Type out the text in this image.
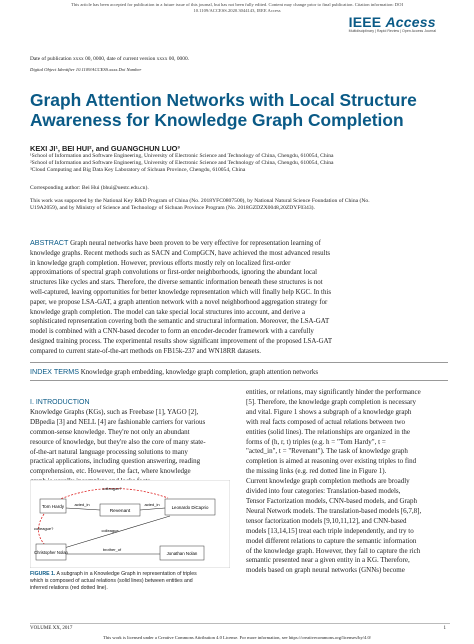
This article has been accepted for publication in a future issue of this journal, but has not been fully edited. Content may change prior to final publication. Citation information: DOI
10.1109/ACCESS.2020.3044143, IEEE Access
IEEE Access
Multidisciplinary | Rapid Review | Open Access Journal
Date of publication xxxx 00, 0000, date of current version xxxx 00, 0000.
Digital Object Identifier 10.1109/ACCESS.xxxx.Doi Number
Graph Attention Networks with Local Structure Awareness for Knowledge Graph Completion
KEXI JI¹, BEI HUI², and GUANGCHUN LUO³
¹School of Information and Software Engineering, University of Electronic Science and Technology of China, Chengdu, 610054, China
²School of Information and Software Engineering, University of Electronic Science and Technology of China, Chengdu, 610054, China
³Cloud Computing and Big Data Key Laboratory of Sichuan Province, Chengdu, 610054, China
Corresponding author: Bei Hui (bhui@uestc.edu.cn).
This work was supported by the National Key R&D Program of China (No. 2018YFC0807500), by National Natural Science Foundation of China (No.
U19A2059), and by Ministry of Science and Technology of Sichuan Province Program (No. 2018GZDZX0048,20ZDYF0343).
ABSTRACT Graph neural networks have been proven to be very effective for representation learning of
knowledge graphs. Recent methods such as SACN and CompGCN, have achieved the most advanced results
in knowledge graph completion. However, previous efforts mostly rely on localized first-order
approximations of spectral graph convolutions or first-order neighborhoods, ignoring the abundant local
structures like cycles and stars. Therefore, the diverse semantic information beneath these structures is not
well-captured, leaving opportunities for better knowledge representation which will finally help KGC. In this
paper, we propose LSA-GAT, a graph attention network with a novel neighborhood aggregation strategy for
knowledge graph completion. The model can take special local structures into account, and derive a
sophisticated representation covering both the semantic and structural information. Moreover, the LSA-GAT
model is combined with a CNN-based decoder to form an encoder-decoder framework with a carefully
designed training process. The experimental results show significant improvement of the proposed LSA-GAT
compared to current state-of-the-art methods on FB15k-237 and WN18RR datasets.
INDEX TERMS Knowledge graph embedding, knowledge graph completion, graph attention networks
I. INTRODUCTION
Knowledge Graphs (KGs), such as Freebase [1], YAGO [2],
DBpedia [3] and NELL [4] are fashionable carriers for various
common-sense knowledge. They're not only an abundant
resource of knowledge, but they're also the core of many state-
of-the-art natural language processing solutions to many
practical applications, including question answering, reading
comprehension, etc. However, the fact, where knowledge
Tom Hardy
Revenant
Leonardo DiCaprio
Christopher Nolan	Jonathan Nolan
acted_in	acted_in
colleague?
colleague?	colleague
brother_of
FIGURE 1. A subgraph in a Knowledge Graph in representation of triples
which is composed of actual relations (solid lines) between entities and
inferred relations (red dotted line).
entities, or relations, may significantly hinder the performance
[5]. Therefore, the knowledge graph completion is necessary
and vital. Figure 1 shows a subgraph of a knowledge graph
with real facts composed of actual relations between two
entities (solid lines). The relationships are organized in the
forms of (h, r, t) triples (e.g. h = "Tom Hardy", t =
"acted_in", t = "Revenant"). The task of knowledge graph
completion is aimed at reasoning over existing triples to find
the missing links (e.g. red dotted line in Figure 1).
Current knowledge graph completion methods are broadly
divided into four categories: Translation-based models,
Tensor Factorization models, CNN-based models, and Graph
Neural Network models. The translation-based models [6,7,8],
tensor factorization models [9,10,11,12], and CNN-based
models [13,14,15] treat each triple independently, and try to
model different relations to capture the semantic information
of the knowledge graph. However, they fail to capture the rich
semantic presented near a given entity in a KG. Therefore,
models based on graph neural networks (GNNs) become
VOLUME XX, 2017	1
This work is licensed under a Creative Commons Attribution 4.0 License. For more information, see https://creativecommons.org/licenses/by/4.0/
